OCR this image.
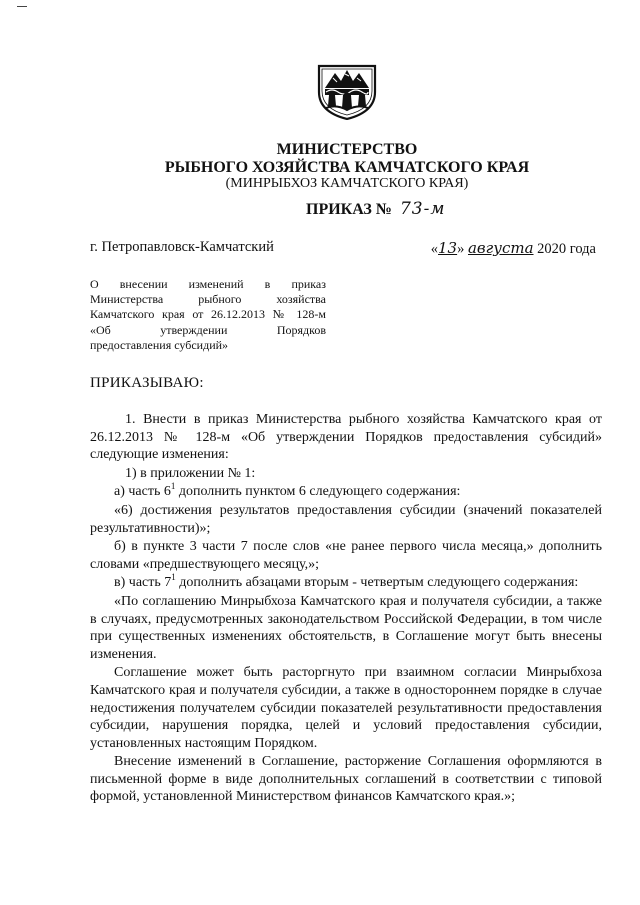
МИНИСТЕРСТВО
РЫБНОГО ХОЗЯЙСТВА КАМЧАТСКОГО КРАЯ
(МИНРЫБХОЗ КАМЧАТСКОГО КРАЯ)
ПРИКАЗ № 73-м
г. Петропавловск-Камчатский	«13» августа 2020 года
О внесении изменений в приказ
Министерства рыбного хозяйства
Камчатского края от 26.12.2013 № 128-м
«Об утверждении Порядков
предоставления субсидий»
ПРИКАЗЫВАЮ:

1. Внести в приказ Министерства рыбного хозяйства Камчатского края от 26.12.2013 № 128-м «Об утверждении Порядков предоставления субсидий» следующие изменения:

1) в приложении № 1:

а) часть $6^1$ дополнить пунктом 6 следующего содержания:

«6) достижения результатов предоставления субсидии (значений показателей результативности)»;

б) в пункте 3 части 7 после слов «не ранее первого числа месяца,» дополнить словами «предшествующего месяцу,»;

в) часть $7^1$ дополнить абзацами вторым - четвертым следующего содержания:

«По соглашению Минрыбхоза Камчатского края и получателя субсидии, а также в случаях, предусмотренных законодательством Российской Федерации, в том числе при существенных изменениях обстоятельств, в Соглашение могут быть внесены изменения.

Соглашение может быть расторгнуто при взаимном согласии Минрыбхоза Камчатского края и получателя субсидии, а также в одностороннем порядке в случае недостижения получателем субсидии показателей результативности предоставления субсидии, нарушения порядка, целей и условий предоставления субсидии, установленных настоящим Порядком.

Внесение изменений в Соглашение, расторжение Соглашения оформляются в письменной форме в виде дополнительных соглашений в соответствии с типовой формой, установленной Министерством финансов Камчатского края.»;
